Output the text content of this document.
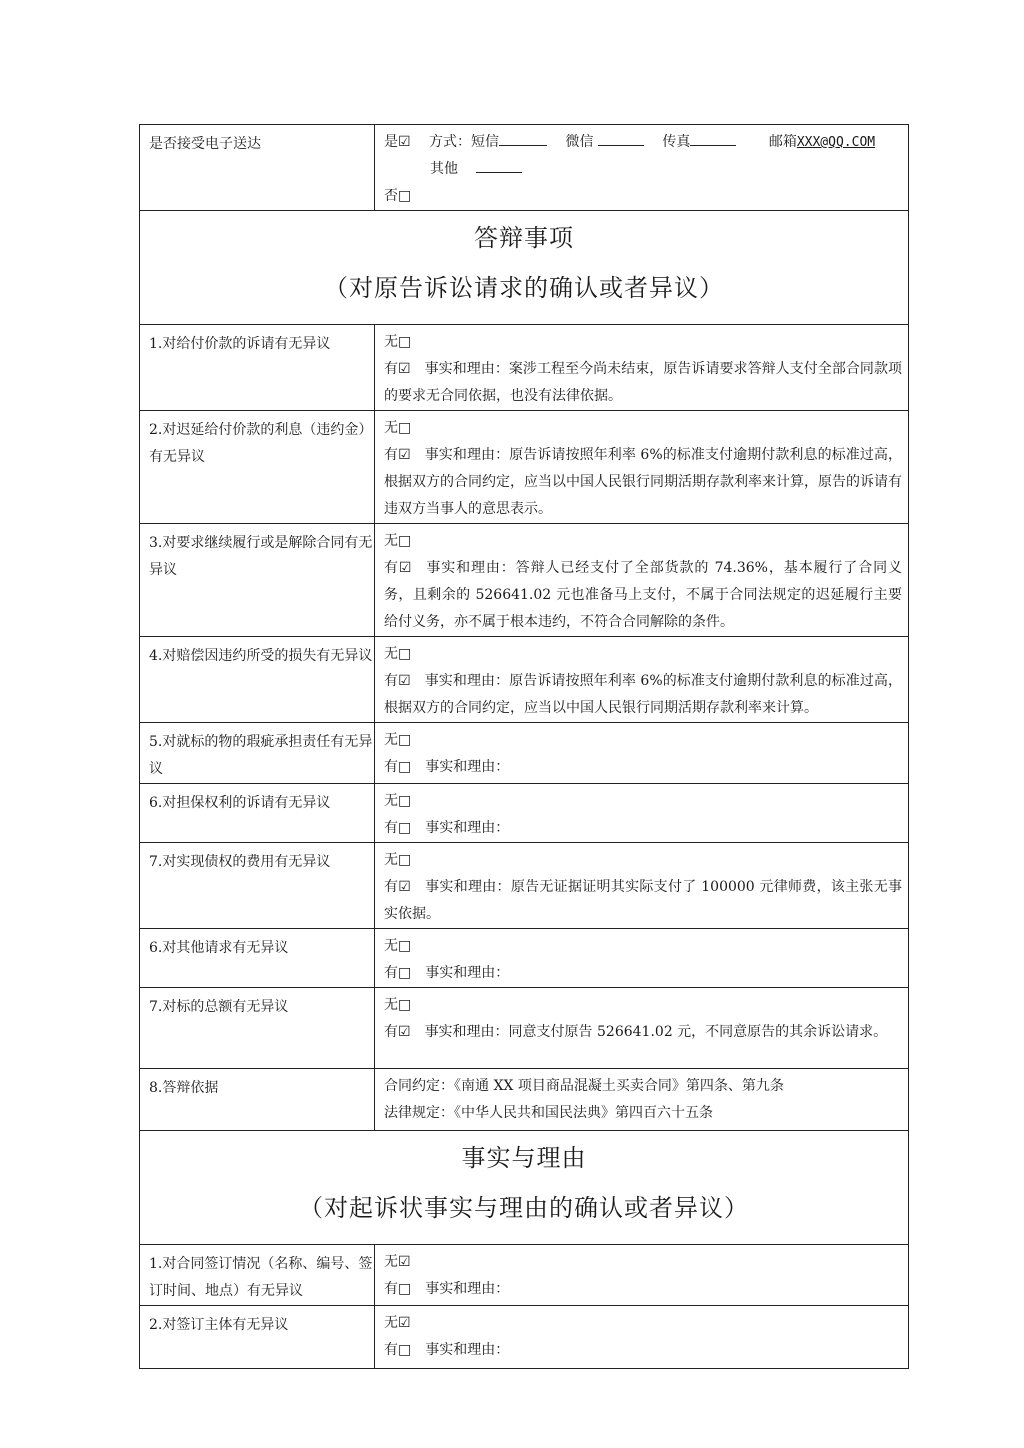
是否接受电子送达	是☑ 方式：短信 微信 传真 邮箱XXX@QQ.COM
其他
否□

答辩事项
（对原告诉讼请求的确认或者异议）	

1.对给付价款的诉请有无异议	无□
有☑ 事实和理由：案涉工程至今尚未结束，原告诉请要求答辩人支付全部合同款项的要求无合同依据，也没有法律依据。

2.对迟延给付价款的利息（违约金）有无异议	无□
有☑ 事实和理由：原告诉请按照年利率 6%的标准支付逾期付款利息的标准过高，根据双方的合同约定，应当以中国人民银行同期活期存款利率来计算，原告的诉请有违双方当事人的意思表示。

3.对要求继续履行或是解除合同有无异议	无□
有☑ 事实和理由：答辩人已经支付了全部货款的 74.36%，基本履行了合同义务，且剩余的 526641.02 元也准备马上支付，不属于合同法规定的迟延履行主要给付义务，亦不属于根本违约，不符合合同解除的条件。

4.对赔偿因违约所受的损失有无异议	无□
有☑ 事实和理由：原告诉请按照年利率 6%的标准支付逾期付款利息的标准过高，根据双方的合同约定，应当以中国人民银行同期活期存款利率来计算。

5.对就标的物的瑕疵承担责任有无异议	无□
有□ 事实和理由：

6.对担保权利的诉请有无异议	无□
有□ 事实和理由：

7.对实现债权的费用有无异议	无□
有☑ 事实和理由：原告无证据证明其实际支付了 100000 元律师费，该主张无事实依据。

6.对其他请求有无异议	无□
有□ 事实和理由：

7.对标的总额有无异议	无□
有☑ 事实和理由：同意支付原告 526641.02 元，不同意原告的其余诉讼请求。

8.答辩依据	合同约定：《南通 XX 项目商品混凝土买卖合同》第四条、第九条
法律规定：《中华人民共和国民法典》第四百六十五条

事实与理由
（对起诉状事实与理由的确认或者异议）	

1.对合同签订情况（名称、编号、签订时间、地点）有无异议	无☑
有□ 事实和理由：

2.对签订主体有无异议	无☑
有□ 事实和理由：
